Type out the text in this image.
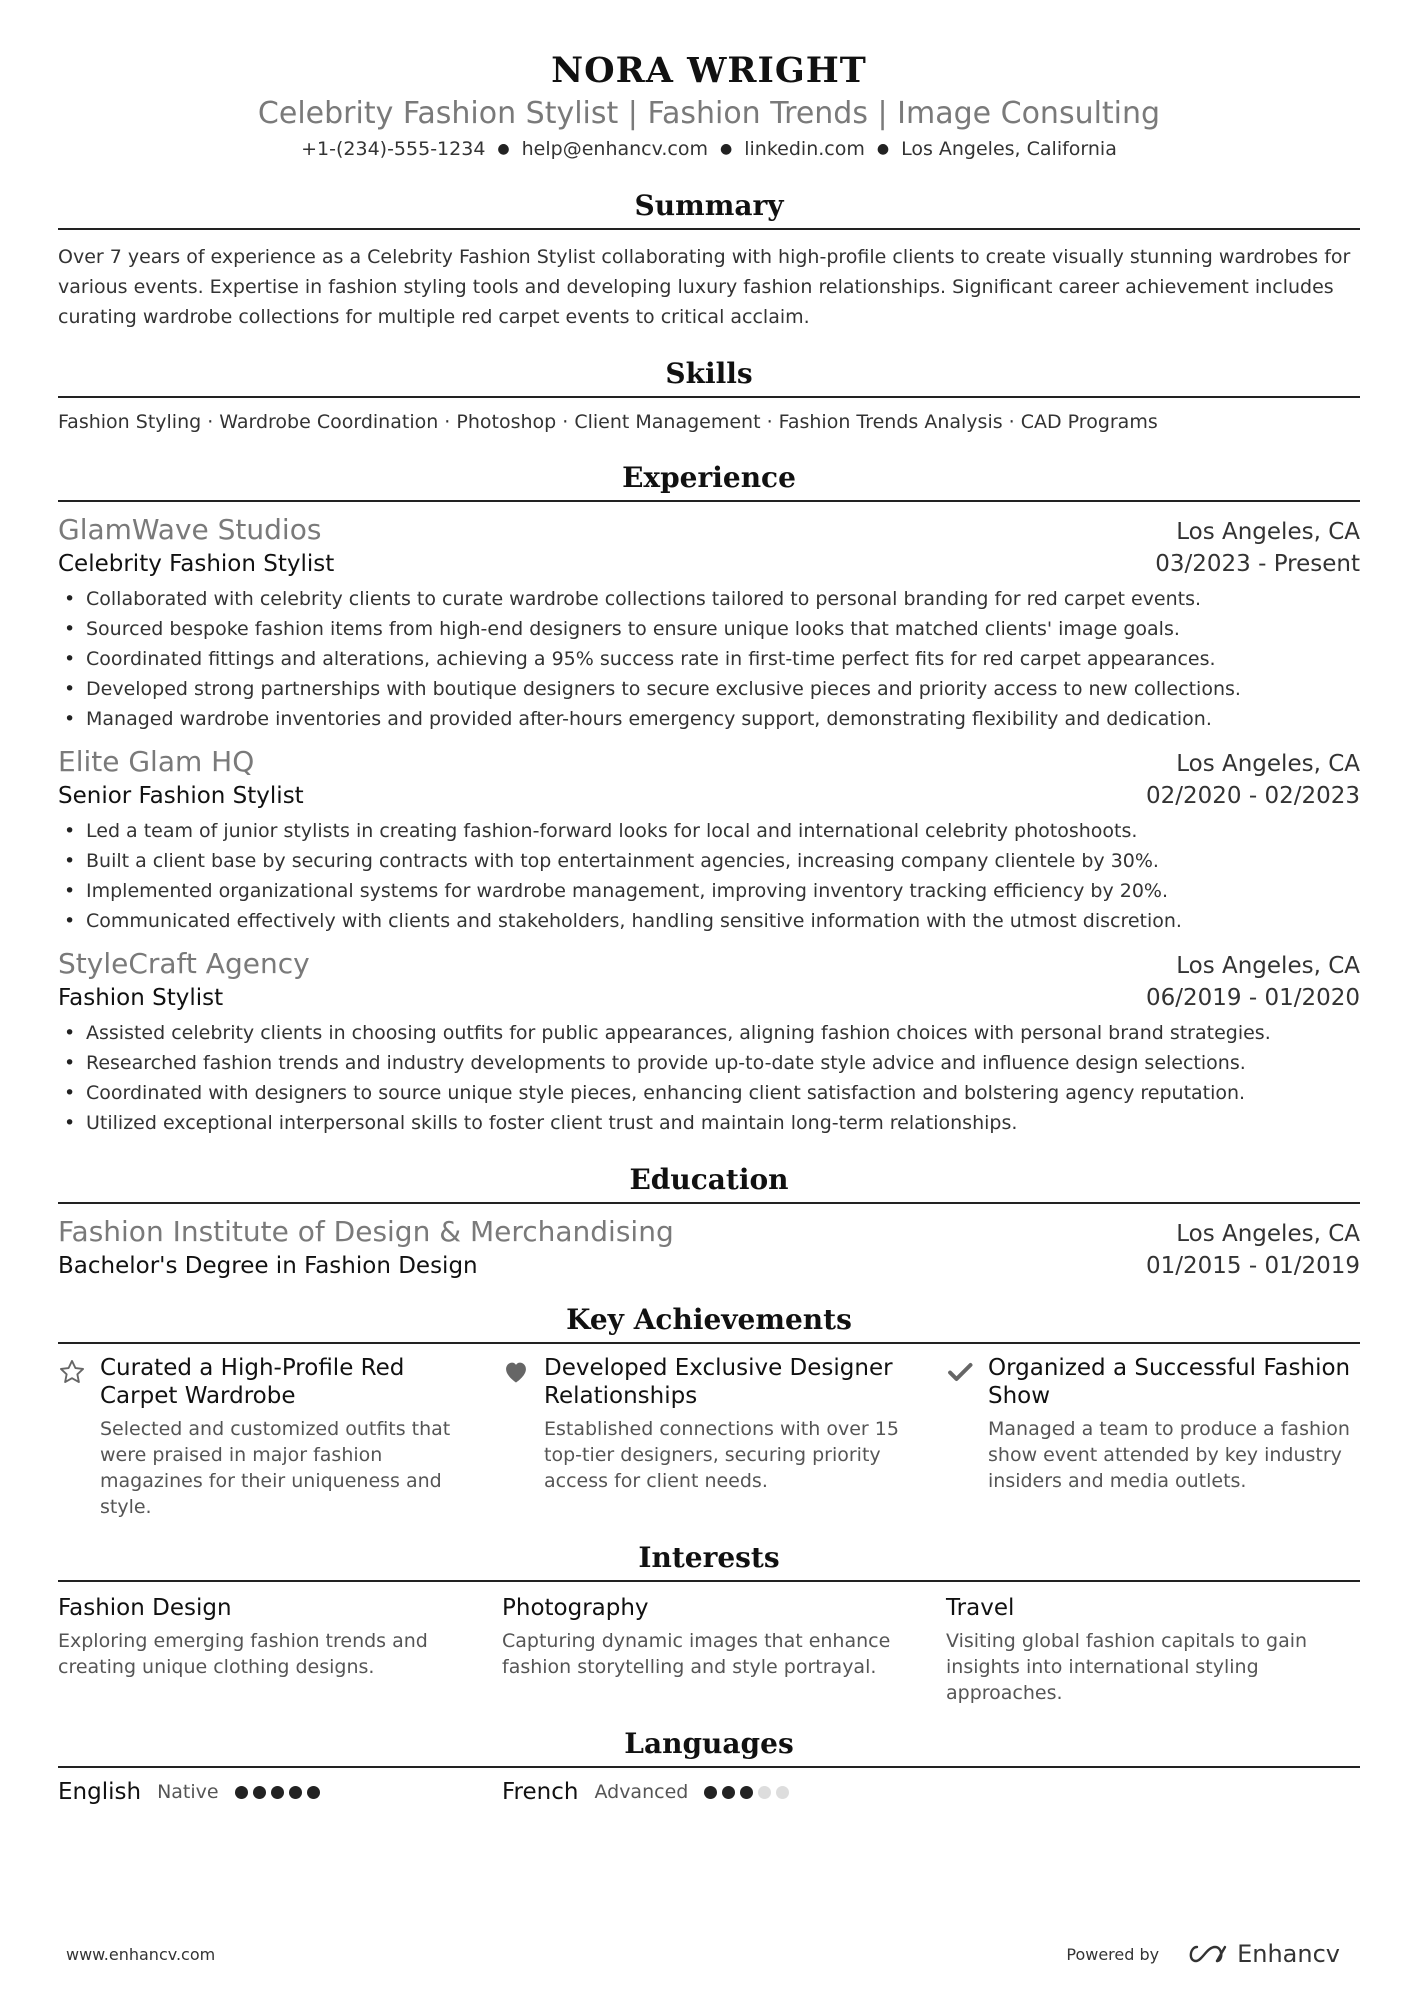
NORA WRIGHT
Celebrity Fashion Stylist | Fashion Trends | Image Consulting
+1-(234)-555-1234 ● help@enhancv.com ● linkedin.com ● Los Angeles, California
Summary
Over 7 years of experience as a Celebrity Fashion Stylist collaborating with high-profile clients to create visually stunning wardrobes for various events. Expertise in fashion styling tools and developing luxury fashion relationships. Significant career achievement includes curating wardrobe collections for multiple red carpet events to critical acclaim.
Skills
Fashion Styling · Wardrobe Coordination · Photoshop · Client Management · Fashion Trends Analysis · CAD Programs
Experience
GlamWave Studios	Los Angeles, CA
Celebrity Fashion Stylist	03/2023 - Present
• Collaborated with celebrity clients to curate wardrobe collections tailored to personal branding for red carpet events.
• Sourced bespoke fashion items from high-end designers to ensure unique looks that matched clients' image goals.
• Coordinated fittings and alterations, achieving a 95% success rate in first-time perfect fits for red carpet appearances.
• Developed strong partnerships with boutique designers to secure exclusive pieces and priority access to new collections.
• Managed wardrobe inventories and provided after-hours emergency support, demonstrating flexibility and dedication.
Elite Glam HQ	Los Angeles, CA
Senior Fashion Stylist	02/2020 - 02/2023
• Led a team of junior stylists in creating fashion-forward looks for local and international celebrity photoshoots.
• Built a client base by securing contracts with top entertainment agencies, increasing company clientele by 30%.
• Implemented organizational systems for wardrobe management, improving inventory tracking efficiency by 20%.
• Communicated effectively with clients and stakeholders, handling sensitive information with the utmost discretion.
StyleCraft Agency	Los Angeles, CA
Fashion Stylist	06/2019 - 01/2020
• Assisted celebrity clients in choosing outfits for public appearances, aligning fashion choices with personal brand strategies.
• Researched fashion trends and industry developments to provide up-to-date style advice and influence design selections.
• Coordinated with designers to source unique style pieces, enhancing client satisfaction and bolstering agency reputation.
• Utilized exceptional interpersonal skills to foster client trust and maintain long-term relationships.
Education
Fashion Institute of Design & Merchandising	Los Angeles, CA
Bachelor's Degree in Fashion Design	01/2015 - 01/2019
Key Achievements
Curated a High-Profile Red Carpet Wardrobe
Selected and customized outfits that were praised in major fashion magazines for their uniqueness and style.
Developed Exclusive Designer Relationships
Established connections with over 15 top-tier designers, securing priority access for client needs.
Organized a Successful Fashion Show
Managed a team to produce a fashion show event attended by key industry insiders and media outlets.
Interests
Fashion Design
Exploring emerging fashion trends and creating unique clothing designs.
Photography
Capturing dynamic images that enhance fashion storytelling and style portrayal.
Travel
Visiting global fashion capitals to gain insights into international styling approaches.
Languages
English Native	French Advanced
www.enhancv.com	Powered by	Enhancv
